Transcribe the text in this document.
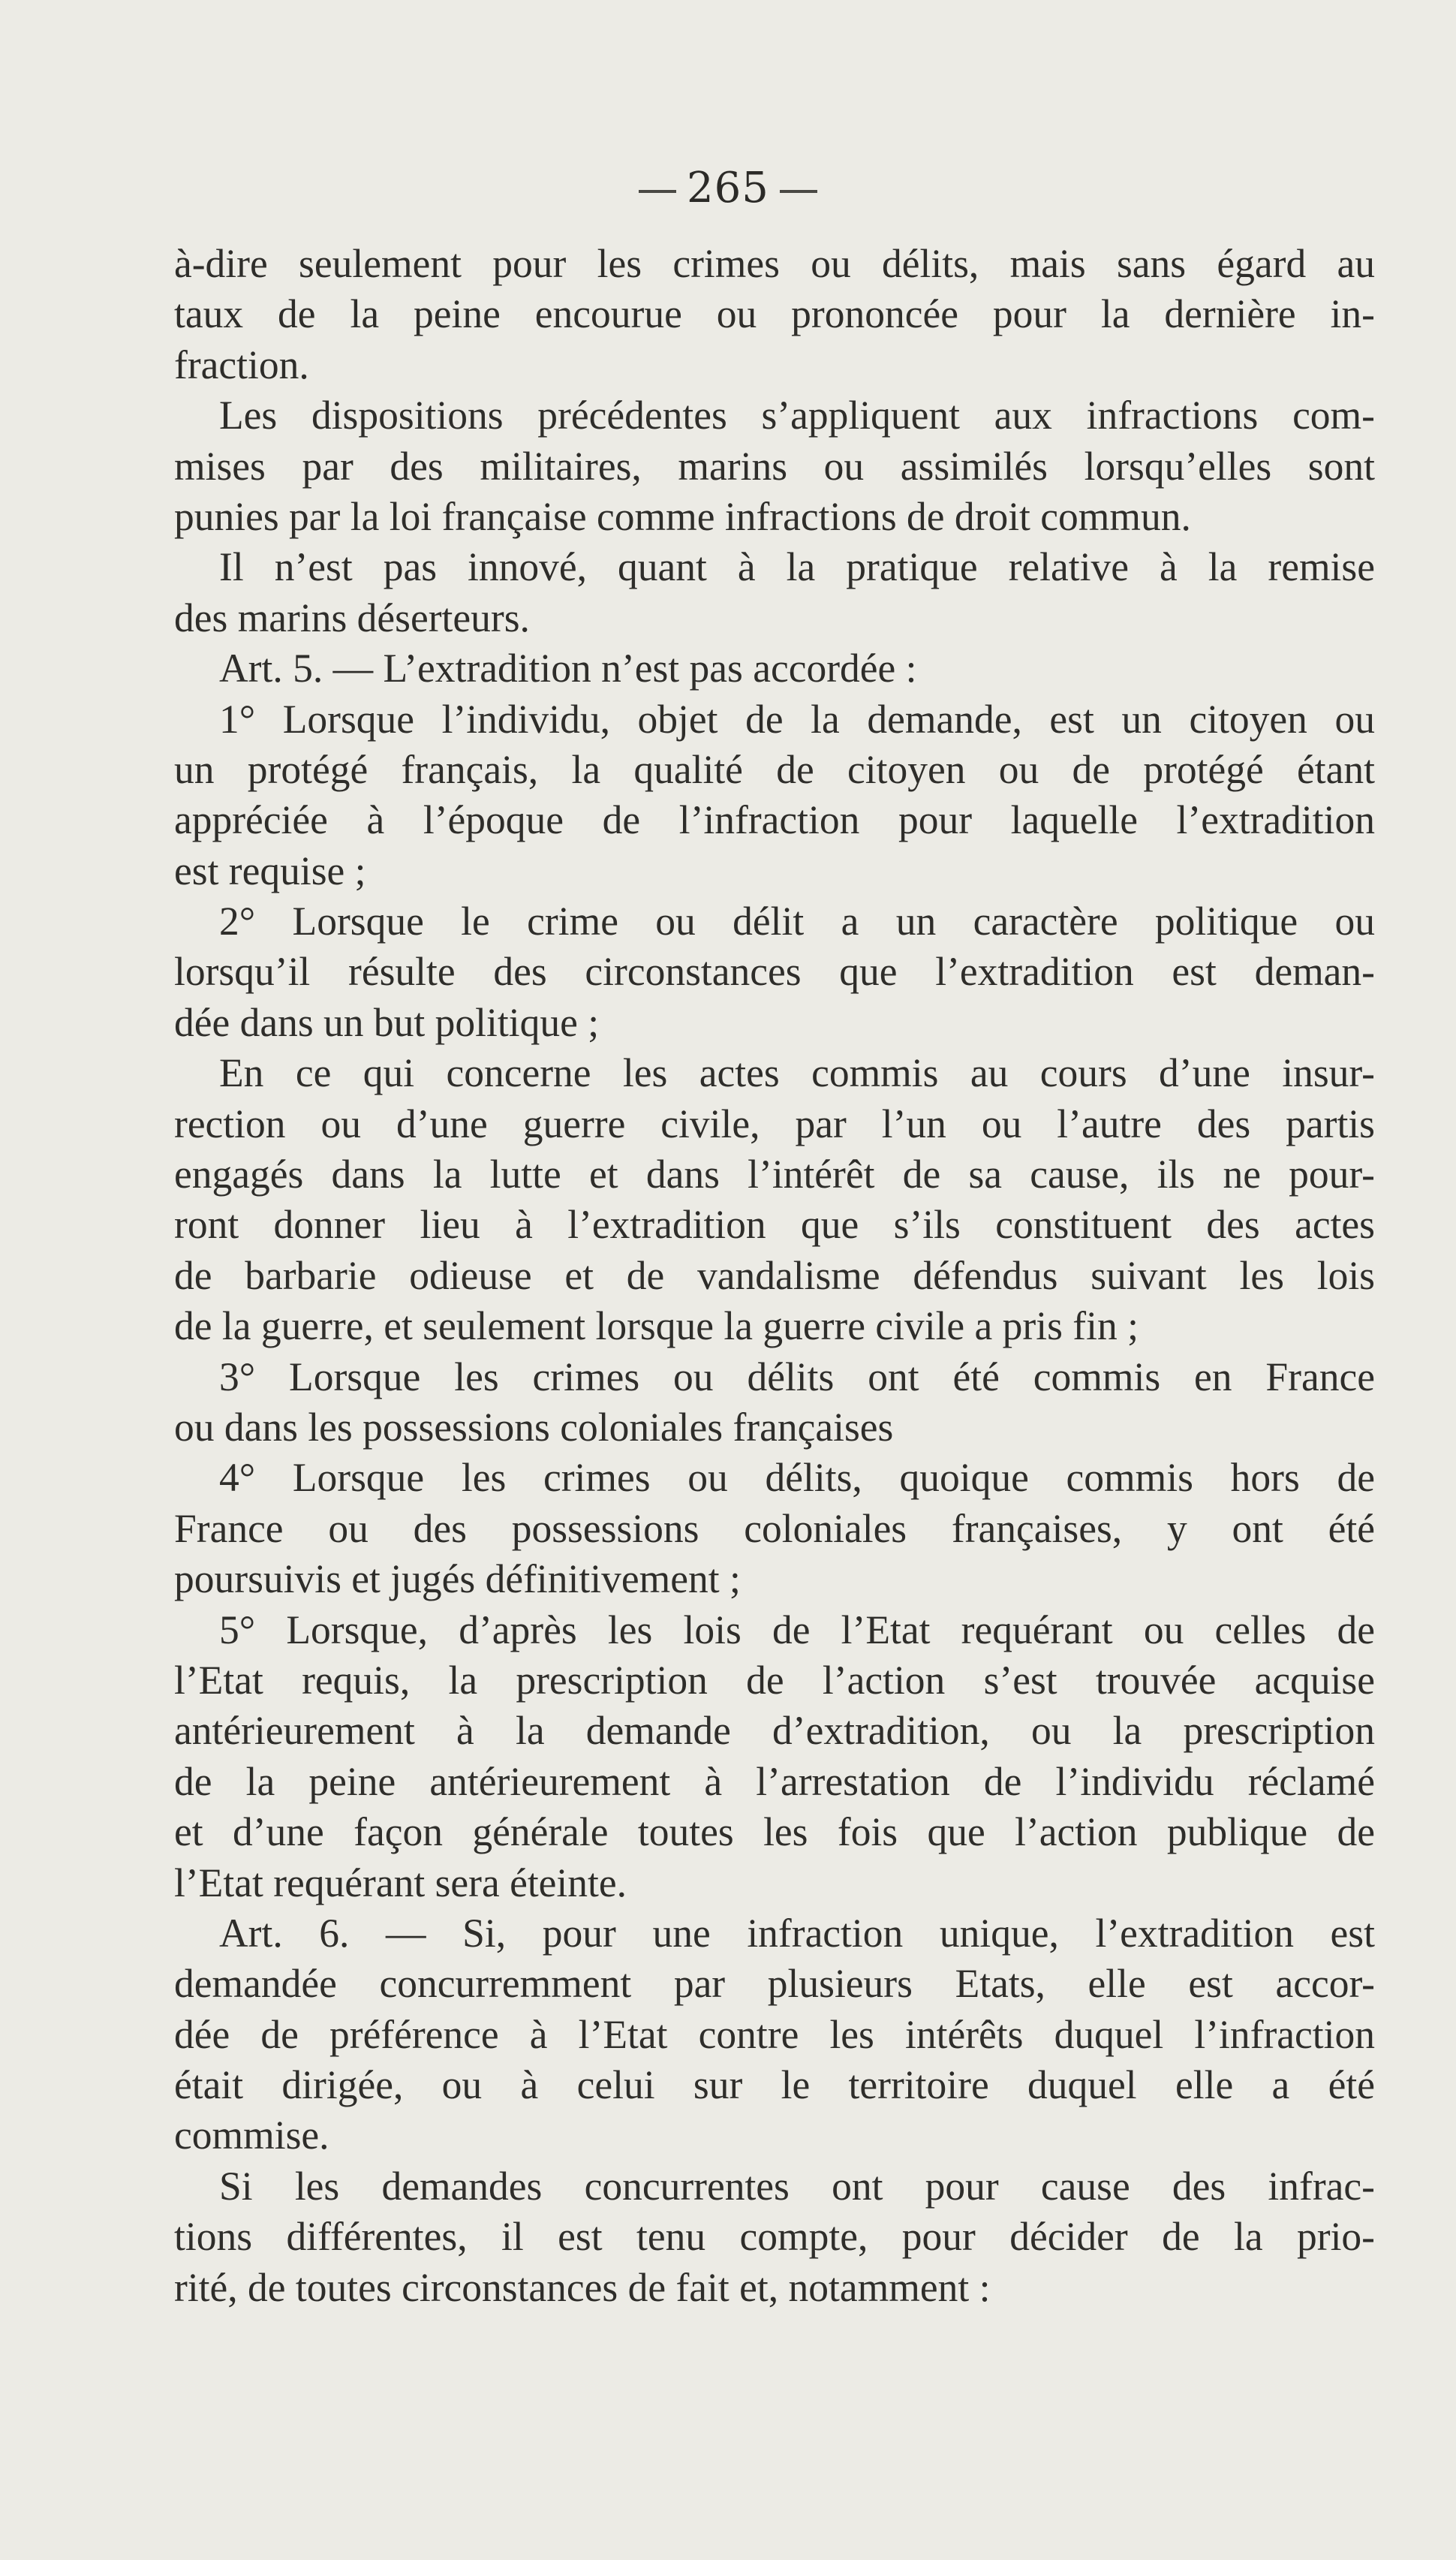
265
à-dire seulement pour les crimes ou délits, mais sans égard au
taux de la peine encourue ou prononcée pour la dernière in-
fraction.
Les dispositions précédentes s’appliquent aux infractions com-
mises par des militaires, marins ou assimilés lorsqu’elles sont
punies par la loi française comme infractions de droit commun.
Il n’est pas innové, quant à la pratique relative à la remise
des marins déserteurs.
Art. 5. — L’extradition n’est pas accordée :
1° Lorsque l’individu, objet de la demande, est un citoyen ou
un protégé français, la qualité de citoyen ou de protégé étant
appréciée à l’époque de l’infraction pour laquelle l’extradition
est requise ;
2° Lorsque le crime ou délit a un caractère politique ou
lorsqu’il résulte des circonstances que l’extradition est deman-
dée dans un but politique ;
En ce qui concerne les actes commis au cours d’une insur-
rection ou d’une guerre civile, par l’un ou l’autre des partis
engagés dans la lutte et dans l’intérêt de sa cause, ils ne pour-
ront donner lieu à l’extradition que s’ils constituent des actes
de barbarie odieuse et de vandalisme défendus suivant les lois
de la guerre, et seulement lorsque la guerre civile a pris fin ;
3° Lorsque les crimes ou délits ont été commis en France
ou dans les possessions coloniales françaises
4° Lorsque les crimes ou délits, quoique commis hors de
France ou des possessions coloniales françaises, y ont été
poursuivis et jugés définitivement ;
5° Lorsque, d’après les lois de l’Etat requérant ou celles de
l’Etat requis, la prescription de l’action s’est trouvée acquise
antérieurement à la demande d’extradition, ou la prescription
de la peine antérieurement à l’arrestation de l’individu réclamé
et d’une façon générale toutes les fois que l’action publique de
l’Etat requérant sera éteinte.
Art. 6. — Si, pour une infraction unique, l’extradition est
demandée concurremment par plusieurs Etats, elle est accor-
dée de préférence à l’Etat contre les intérêts duquel l’infraction
était dirigée, ou à celui sur le territoire duquel elle a été
commise.
Si les demandes concurrentes ont pour cause des infrac-
tions différentes, il est tenu compte, pour décider de la prio-
rité, de toutes circonstances de fait et, notamment :
